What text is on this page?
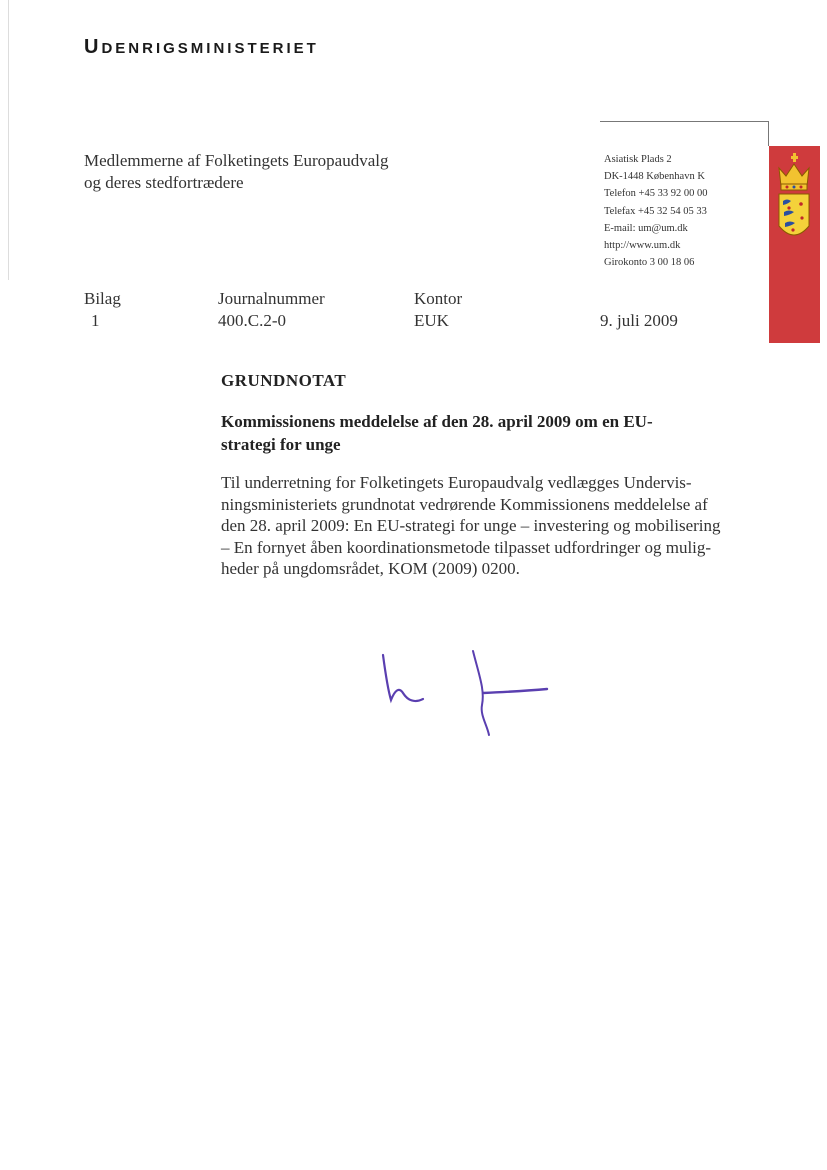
UDENRIGSMINISTERIET
Medlemmerne af Folketingets Europaudvalg
og deres stedfortrædere
Asiatisk Plads 2
DK-1448 København K
Telefon +45 33 92 00 00
Telefax +45 32 54 05 33
E-mail: um@um.dk
http://www.um.dk
Girokonto 3 00 18 06
Bilag
1
Journalnummer
400.C.2-0
Kontor
EUK	9. juli 2009
GRUNDNOTAT
Kommissionens meddelelse af den 28. april 2009 om en EU-
strategi for unge
Til underretning for Folketingets Europaudvalg vedlægges Undervis-
ningsministeriets grundnotat vedrørende Kommissionens meddelelse af
den 28. april 2009: En EU-strategi for unge – investering og mobilisering
– En fornyet åben koordinationsmetode tilpasset udfordringer og mulig-
heder på ungdomsrådet, KOM (2009) 0200.
